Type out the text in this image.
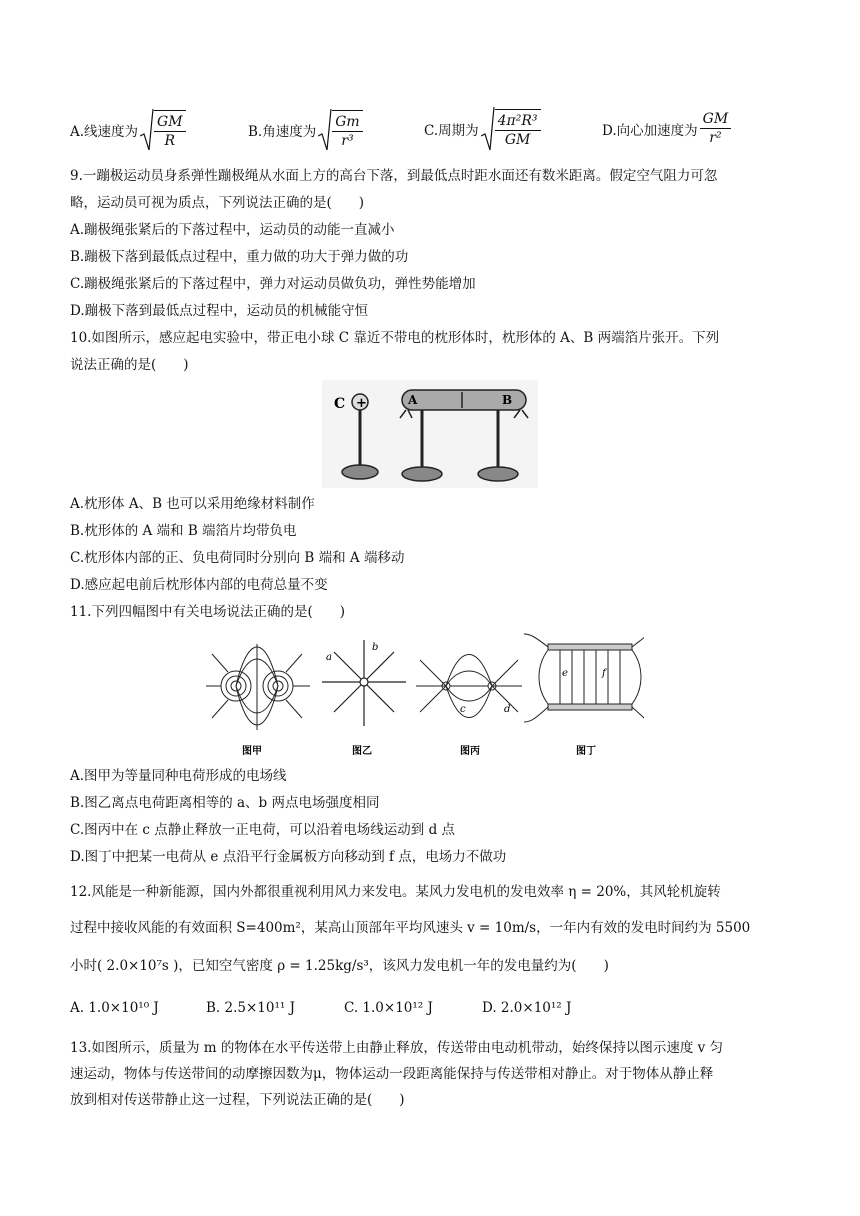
A.线速度为 $\frac{GM}{R}$	B.角速度为 $\frac{Gm}{\text{r³}}$	C.周期为 $\frac{\text{4π²R³}}{GM}$	D.向心加速度为 $\frac{GM}{\text{r²}}$
9.一蹦极运动员身系弹性蹦极绳从水面上方的高台下落，到最低点时距水面还有数米距离。假定空气阻力可忽
略，运动员可视为质点，下列说法正确的是(　　)
A.蹦极绳张紧后的下落过程中，运动员的动能一直减小
B.蹦极下落到最低点过程中，重力做的功大于弹力做的功
C.蹦极绳张紧后的下落过程中，弹力对运动员做负功，弹性势能增加
D.蹦极下落到最低点过程中，运动员的机械能守恒
10.如图所示，感应起电实验中，带正电小球 C 靠近不带电的枕形体时，枕形体的 A、B 两端箔片张开。下列
说法正确的是(　　)
+
C	A	B
A.枕形体 A、B 也可以采用绝缘材料制作
B.枕形体的 A 端和 B 端箔片均带负电
C.枕形体内部的正、负电荷同时分别向 B 端和 A 端移动
D.感应起电前后枕形体内部的电荷总量不变
11.下列四幅图中有关电场说法正确的是(　　)
图甲
a
b
图乙
c	d
图丙
e	f
图丁
A.图甲为等量同种电荷形成的电场线
B.图乙离点电荷距离相等的 a、b 两点电场强度相同
C.图丙中在 c 点静止释放一正电荷，可以沿着电场线运动到 d 点
D.图丁中把某一电荷从 e 点沿平行金属板方向移动到 f 点，电场力不做功
12.风能是一种新能源，国内外都很重视利用风力来发电。某风力发电机的发电效率 η = 20%，其风轮机旋转
过程中接收风能的有效面积 S=400m²，某高山顶部年平均风速头 v = 10m/s，一年内有效的发电时间约为 5500
小时( 2.0×10⁷s )，已知空气密度 ρ = 1.25kg/s³，该风力发电机一年的发电量约为(　　)
A. 1.0×10¹⁰ J	B. 2.5×10¹¹ J	C. 1.0×10¹² J	D. 2.0×10¹² J
13.如图所示，质量为 m 的物体在水平传送带上由静止释放，传送带由电动机带动，始终保持以图示速度 v 匀
速运动，物体与传送带间的动摩擦因数为μ，物体运动一段距离能保持与传送带相对静止。对于物体从静止释
放到相对传送带静止这一过程，下列说法正确的是(　　)
